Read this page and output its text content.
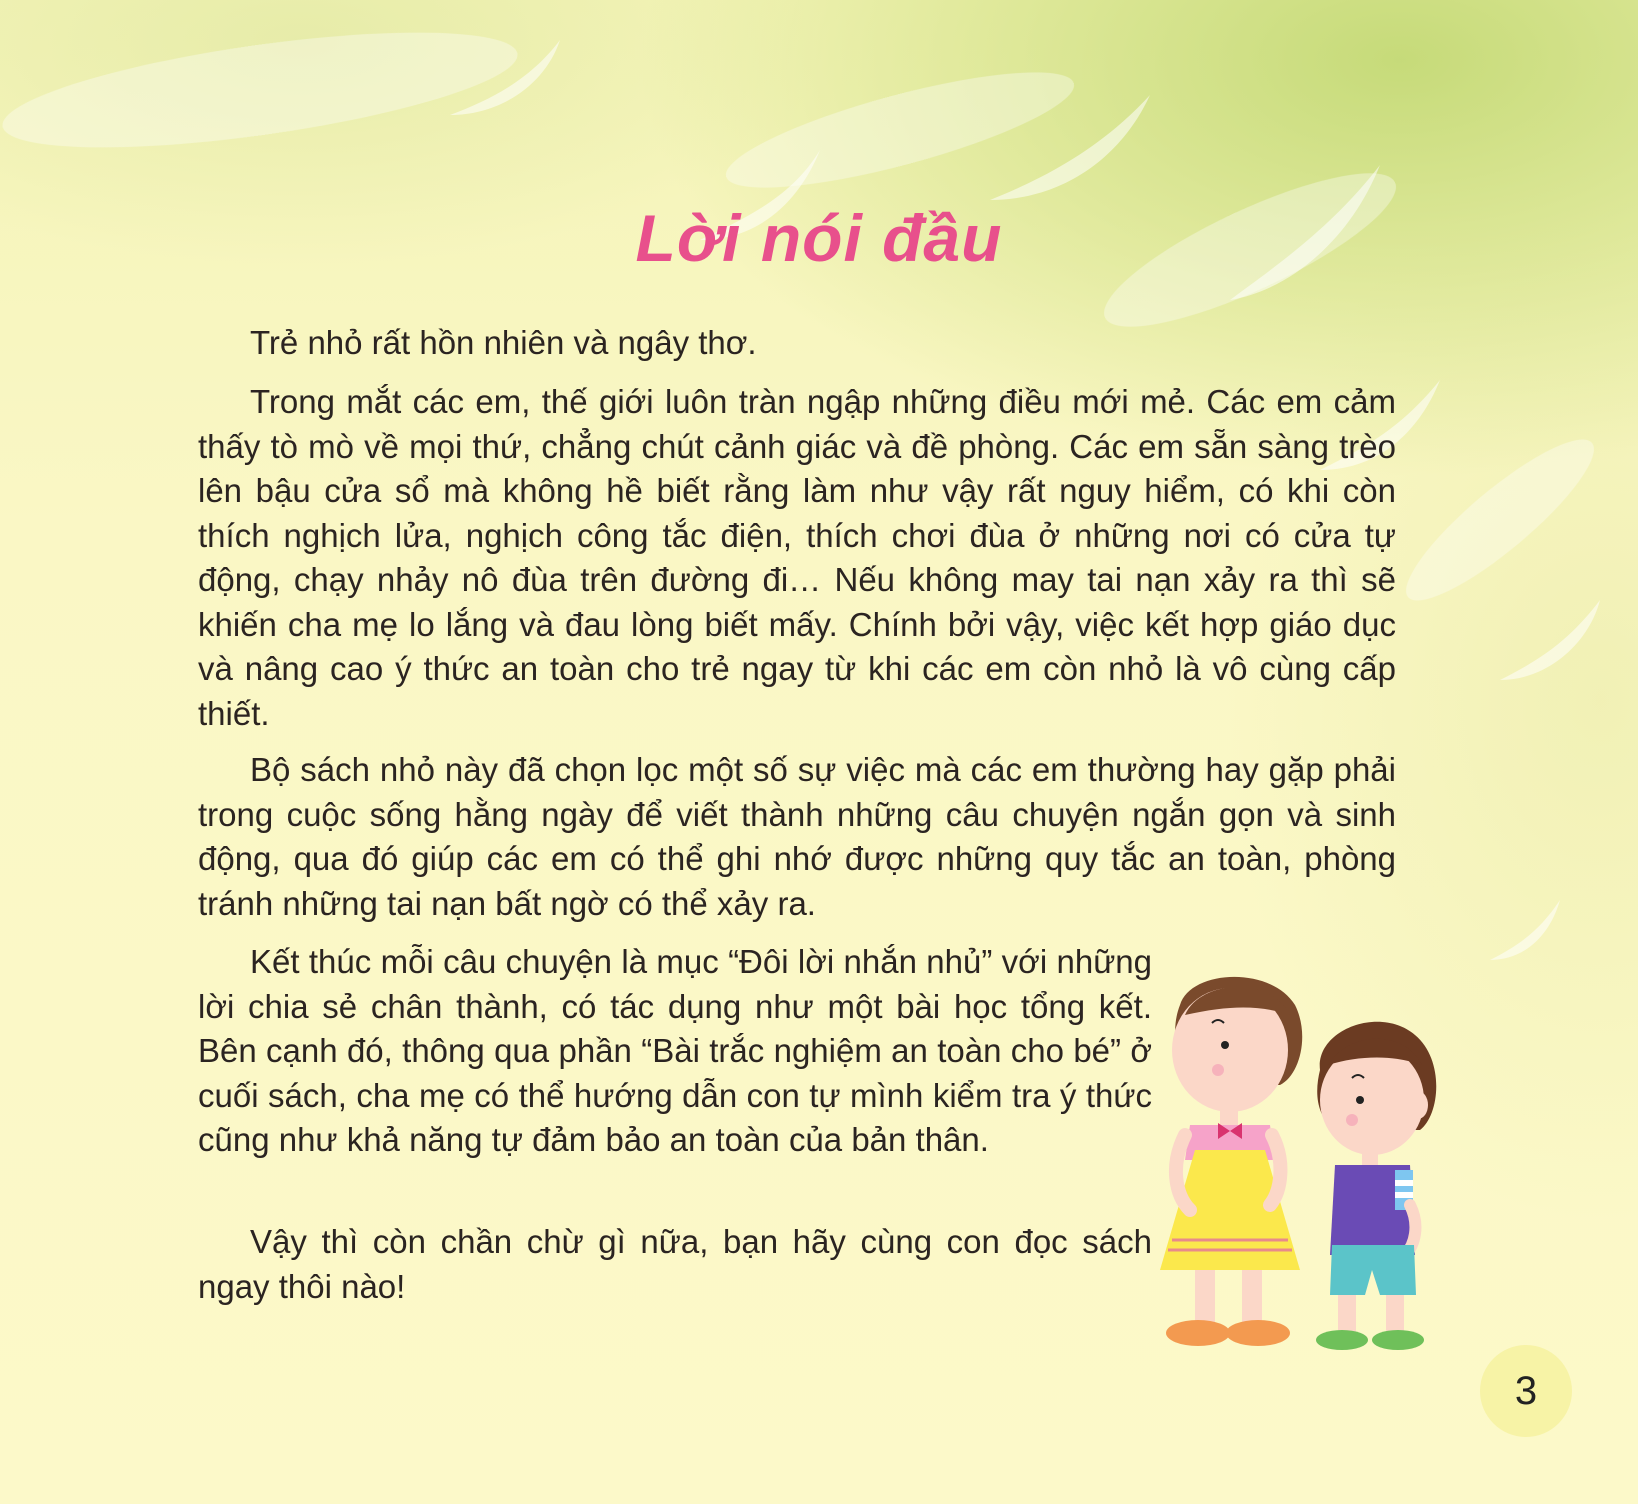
Lời nói đầu

Trẻ nhỏ rất hồn nhiên và ngây thơ.

Trong mắt các em, thế giới luôn tràn ngập những điều mới mẻ. Các em cảm thấy tò mò về mọi thứ, chẳng chút cảnh giác và đề phòng. Các em sẵn sàng trèo lên bậu cửa sổ mà không hề biết rằng làm như vậy rất nguy hiểm, có khi còn thích nghịch lửa, nghịch công tắc điện, thích chơi đùa ở những nơi có cửa tự động, chạy nhảy nô đùa trên đường đi… Nếu không may tai nạn xảy ra thì sẽ khiến cha mẹ lo lắng và đau lòng biết mấy. Chính bởi vậy, việc kết hợp giáo dục và nâng cao ý thức an toàn cho trẻ ngay từ khi các em còn nhỏ là vô cùng cấp thiết.

Bộ sách nhỏ này đã chọn lọc một số sự việc mà các em thường hay gặp phải trong cuộc sống hằng ngày để viết thành những câu chuyện ngắn gọn và sinh động, qua đó giúp các em có thể ghi nhớ được những quy tắc an toàn, phòng tránh những tai nạn bất ngờ có thể xảy ra.

Kết thúc mỗi câu chuyện là mục “Đôi lời nhắn nhủ” với những lời chia sẻ chân thành, có tác dụng như một bài học tổng kết. Bên cạnh đó, thông qua phần “Bài trắc nghiệm an toàn cho bé” ở cuối sách, cha mẹ có thể hướng dẫn con tự mình kiểm tra ý thức cũng như khả năng tự đảm bảo an toàn của bản thân.

Vậy thì còn chần chừ gì nữa, bạn hãy cùng con đọc sách ngay thôi nào!

3
